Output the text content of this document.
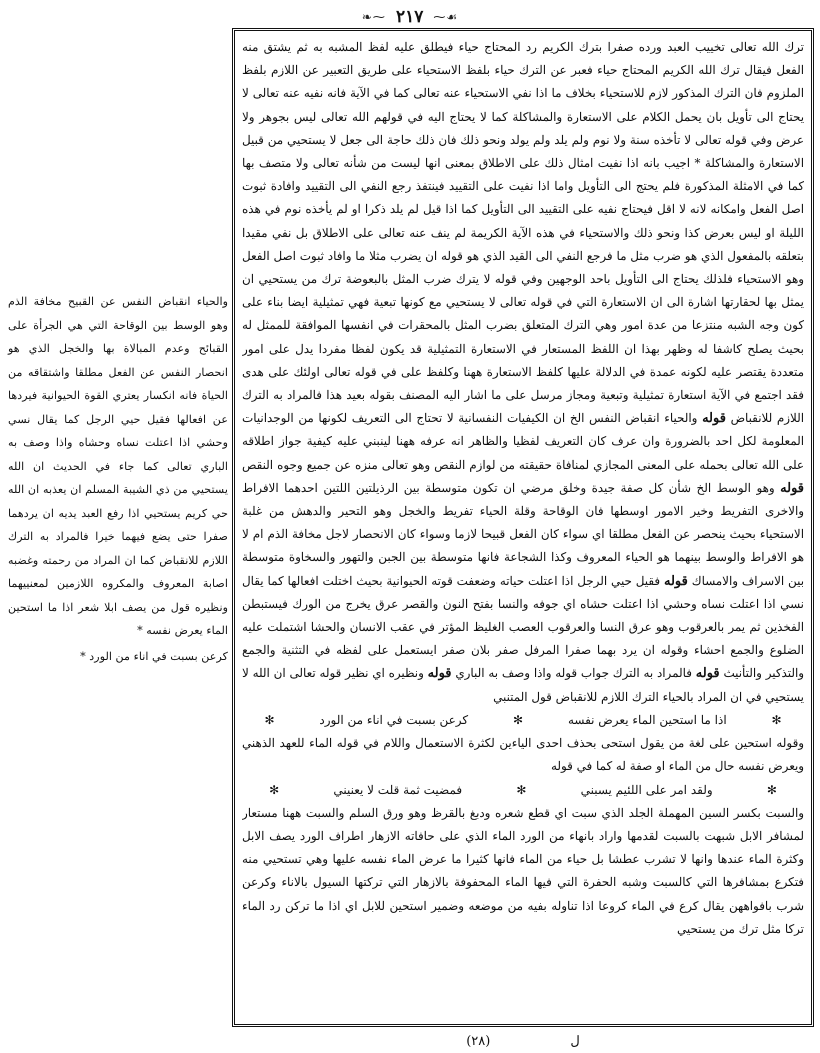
❧⁓ ٢١٧ ⁓☙

ترك الله تعالى تخييب العبد ورده صفرا بترك الكريم رد المحتاج حياء فيطلق عليه لفظ المشبه به ثم يشتق منه الفعل فيقال ترك الله الكريم المحتاج حياء فعبر عن الترك حياء بلفظ الاستحياء على طريق التعبير عن اللازم بلفظ الملزوم فان الترك المذكور لازم للاستحياء بخلاف ما اذا نفي الاستحياء عنه تعالى كما في الآية فانه نفيه عنه تعالى لا يحتاج الى تأويل بان يحمل الكلام على الاستعارة والمشاكلة كما لا يحتاج اليه في قولهم الله تعالى ليس بجوهر ولا عرض وفي قوله تعالى لا تأخذه سنة ولا نوم ولم يلد ولم يولد ونحو ذلك فان ذلك حاجة الى جعل لا يستحيي من قبيل الاستعارة والمشاكلة * اجيب بانه اذا نفيت امثال ذلك على الاطلاق بمعنى انها ليست من شأنه تعالى ولا متصف بها كما في الامثلة المذكورة فلم يحتج الى التأويل واما اذا نفيت على التقييد فينتفذ رجع النفي الى التقييد وافادة ثبوت اصل الفعل وامكانه لانه لا اقل فيحتاج نفيه على التقييد الى التأويل كما اذا قيل لم يلد ذكرا او لم يأخذه نوم في هذه الليلة او ليس بعرض كذا ونحو ذلك والاستحياء في هذه الآية الكريمة لم ينف عنه تعالى على الاطلاق بل نفي مقيدا بتعلقه بالمفعول الذي هو ضرب مثل ما فرجع النفي الى القيد الذي هو قوله ان يضرب مثلا ما وافاد ثبوت اصل الفعل وهو الاستحياء فلذلك يحتاج الى التأويل باحد الوجهين وفي قوله لا يترك ضرب المثل بالبعوضة ترك من يستحيي ان يمثل بها لحقارتها اشارة الى ان الاستعارة التي في قوله تعالى لا يستحيي مع كونها تبعية فهي تمثيلية ايضا بناء على كون وجه الشبه منتزعا من عدة امور وهي الترك المتعلق بضرب المثل بالمحقرات في انفسها الموافقة للممثل له بحيث يصلح كاشفا له وظهر بهذا ان اللفظ المستعار في الاستعارة التمثيلية قد يكون لفظا مفردا يدل على امور متعددة يقتصر عليه لكونه عمدة في الدلالة عليها كلفظ الاستعارة ههنا وكلفظ على في قوله تعالى اولئك على هدى فقد اجتمع في الآية استعارة تمثيلية وتبعية ومجاز مرسل على ما اشار اليه المصنف بقوله بعيد هذا فالمراد به الترك اللازم للانقباض قوله والحياء انقباض النفس الخ ان الكيفيات النفسانية لا تحتاج الى التعريف لكونها من الوجدانيات المعلومة لكل احد بالضرورة وان عرف كان التعريف لفظيا والظاهر انه عرفه ههنا لينبني عليه كيفية جواز اطلاقه على الله تعالى بحمله على المعنى المجازي لمنافاة حقيقته من لوازم النقص وهو تعالى منزه عن جميع وجوه النقص قوله وهو الوسط الخ شأن كل صفة جيدة وخلق مرضي ان تكون متوسطة بين الرذيلتين اللتين احدهما الافراط والاخرى التفريط وخير الامور اوسطها فان الوقاحة وقلة الحياء تفريط والخجل وهو التحير والدهش من غلبة الاستحياء بحيث ينحصر عن الفعل مطلقا اي سواء كان الفعل قبيحا لازما وسواء كان الانحصار لاجل مخافة الذم ام لا هو الافراط والوسط بينهما هو الحياء المعروف وكذا الشجاعة فانها متوسطة بين الجبن والتهور والسخاوة متوسطة بين الاسراف والامساك قوله فقيل حيي الرجل اذا اعتلت حياته وضعفت قوته الحيوانية بحيث اختلت افعالها كما يقال نسي اذا اعتلت نساه وحشي اذا اعتلت حشاه اي جوفه والنسا بفتح النون والقصر عرق يخرج من الورك فيستبطن الفخذين ثم يمر بالعرقوب وهو عرق النسا والعرقوب العصب الغليظ المؤتر في عقب الانسان والحشا اشتملت عليه الضلوع والجمع احشاء وقوله ان يرد بهما صفرا المرفل صفر بلان صفر ايستعمل على لفظه في التثنية والجمع والتذكير والتأنيث قوله فالمراد به الترك جواب قوله واذا وصف به الباري قوله ونظيره اي نظير قوله تعالى ان الله لا يستحيي في ان المراد بالحياء الترك اللازم للانقباض قول المتنبي

✻
اذا ما استحين الماء يعرض نفسه
✻
كرعن بسبت في اناء من الورد
✻

وقوله استحين على لغة من يقول استحى بحذف احدى الياءين لكثرة الاستعمال واللام في قوله الماء للعهد الذهني ويعرض نفسه حال من الماء او صفة له كما في قوله

✻
ولقد امر على اللئيم يسبني
✻
فمضيت ثمة قلت لا يعنيني
✻

والسبت بكسر السين المهملة الجلد الذي سبت اي قطع شعره ودبغ بالقرظ وهو ورق السلم والسبت ههنا مستعار لمشافر الابل شبهت بالسبت لقدمها واراد بانهاء من الورد الماء الذي على حافاته الازهار اطراف الورد يصف الابل وكثرة الماء عندها وانها لا تشرب عطشا بل حياء من الماء فانها كثيرا ما عرض الماء نفسه عليها وهي تستحيي منه فتكرع بمشافرها التي كالسبت وشبه الحفرة التي فيها الماء المحفوفة بالازهار التي تركتها السيول بالاناء وكرعن شرب بافواههن يقال كرع في الماء كروعا اذا تناوله بفيه من موضعه وضمير استحين للابل اي اذا ما تركن رد الماء تركا مثل ترك من يستحيي

والحياء انقباض النفس عن القبيح مخافة الذم وهو الوسط بين الوقاحة التي هي الجرأة على القبائح وعدم المبالاة بها والخجل الذي هو انحصار النفس عن الفعل مطلقا واشتقاقه من الحياة فانه انكسار يعتري القوة الحيوانية فيردها عن افعالها فقيل حيي الرجل كما يقال نسي وحشي اذا اعتلت نساه وحشاه واذا وصف به الباري تعالى كما جاء في الحديث ان الله يستحيي من ذي الشيبة المسلم ان يعذبه ان الله حي كريم يستحيي اذا رفع العبد يديه ان يردهما صفرا حتى يضع فيهما خيرا فالمراد به الترك اللازم للانقباض كما ان المراد من رحمته وغضبه اصابة المعروف والمكروه اللازمين لمعنييهما ونظيره قول من يصف ابلا شعر اذا ما استحين الماء يعرض نفسه *

كرعن بسبت في اناء من الورد *
ل
(٢٨)
